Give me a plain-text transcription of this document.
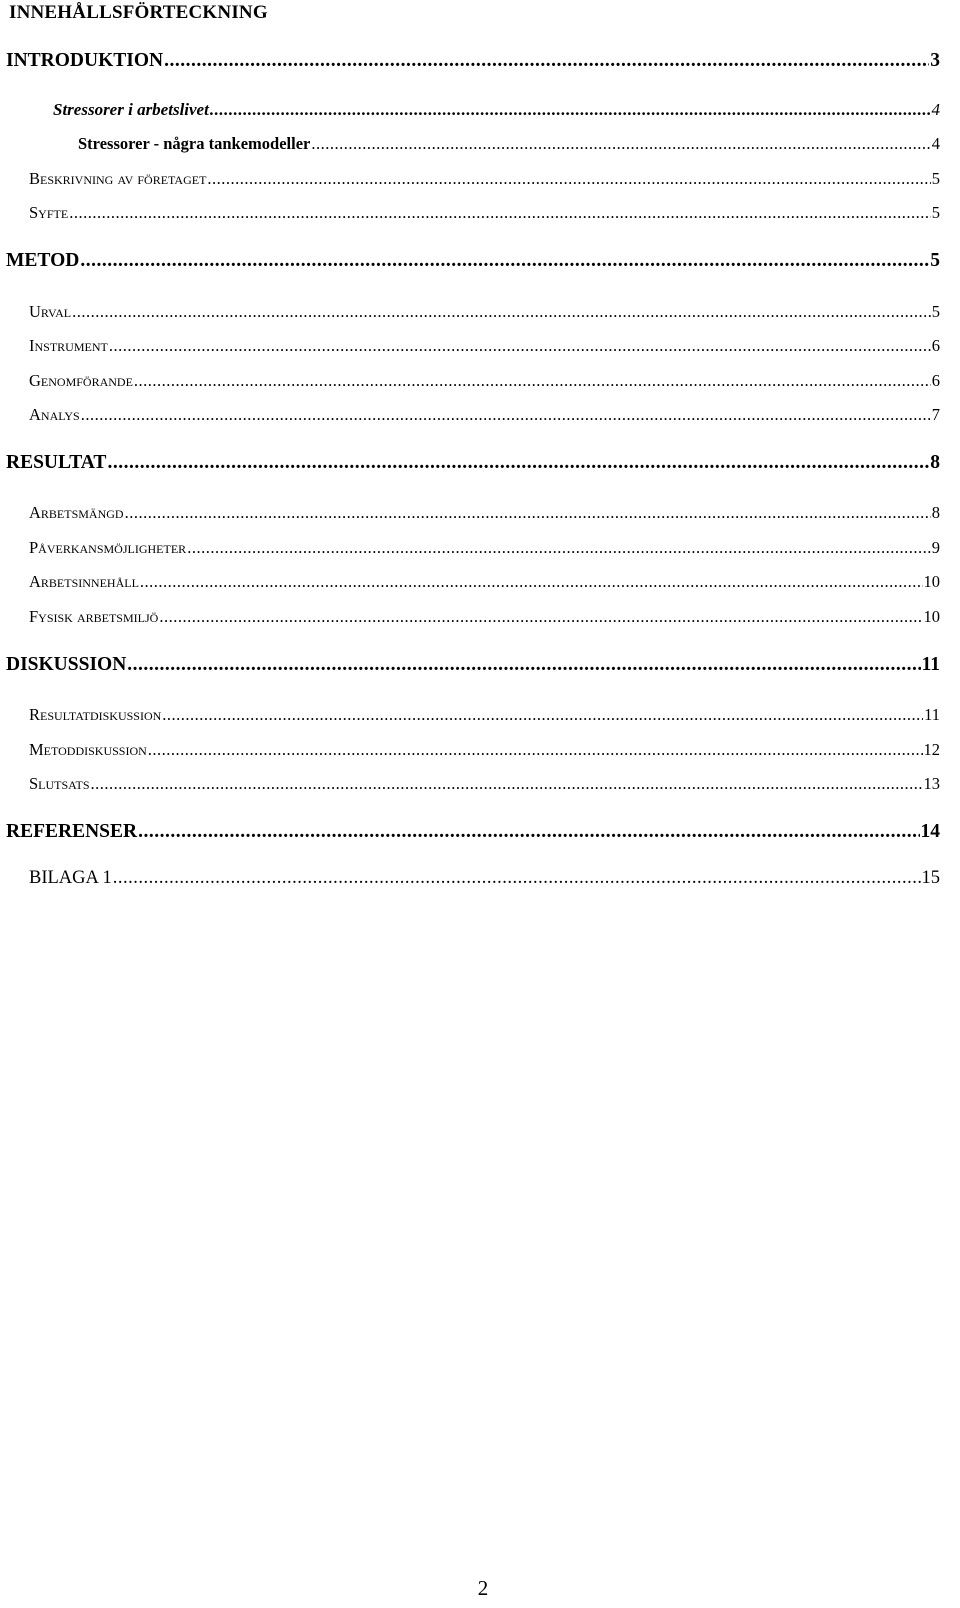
INNEHÅLLSFÖRTECKNING
INTRODUKTION .....	3
Stressorer i arbetslivet .....	4
Stressorer - några tankemodeller .....	4
Beskrivning av företaget .....	5
Syfte .....	5
METOD .....	5
Urval .....	5
Instrument .....	6
Genomförande .....	6
Analys .....	7
RESULTAT .....	8
Arbetsmängd .....	8
Påverkansmöjligheter .....	9
Arbetsinnehåll .....	10
Fysisk arbetsmiljö .....	10
DISKUSSION .....	11
Resultatdiskussion .....	11
Metoddiskussion .....	12
Slutsats .....	13
REFERENSER .....	14
BILAGA 1 .....	15
2
